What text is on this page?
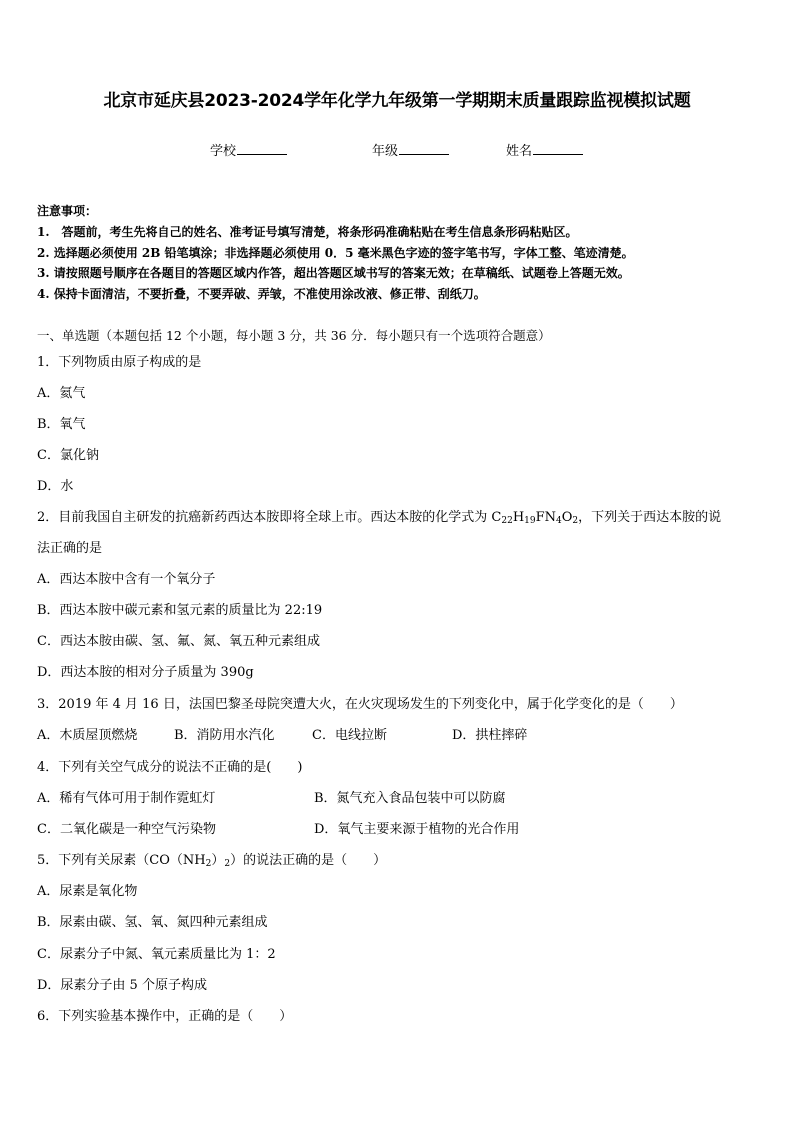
北京市延庆县2023-2024学年化学九年级第一学期期末质量跟踪监视模拟试题
学校	年级	姓名
注意事项：
1.　答题前，考生先将自己的姓名、准考证号填写清楚，将条形码准确粘贴在考生信息条形码粘贴区。
2. 选择题必须使用 2B 铅笔填涂；非选择题必须使用 0．5 毫米黑色字迹的签字笔书写，字体工整、笔迹清楚。
3. 请按照题号顺序在各题目的答题区域内作答，超出答题区域书写的答案无效；在草稿纸、试题卷上答题无效。
4. 保持卡面清洁，不要折叠，不要弄破、弄皱，不准使用涂改液、修正带、刮纸刀。
一、单选题（本题包括 12 个小题，每小题 3 分，共 36 分．每小题只有一个选项符合题意）
1．下列物质由原子构成的是
A．氦气
B．氧气
C．氯化钠
D．水
2．目前我国自主研发的抗癌新药西达本胺即将全球上市。西达本胺的化学式为 $C_{22}H_{19}FN_4O_2$，下列关于西达本胺的说
法正确的是
A．西达本胺中含有一个氧分子
B．西达本胺中碳元素和氢元素的质量比为 22:19
C．西达本胺由碳、氢、氟、氮、氧五种元素组成
D．西达本胺的相对分子质量为 390g
3．2019 年 4 月 16 日，法国巴黎圣母院突遭大火，在火灾现场发生的下列变化中，属于化学变化的是（　　）
A．木质屋顶燃烧	B．消防用水汽化	C．电线拉断	D．拱柱摔碎
4．下列有关空气成分的说法不正确的是(　　)
A．稀有气体可用于制作霓虹灯	B．氮气充入食品包装中可以防腐
C．二氧化碳是一种空气污染物	D．氧气主要来源于植物的光合作用
5．下列有关尿素$(CO(NH_2)_2)$的说法正确的是（　　）
A．尿素是氧化物
B．尿素由碳、氢、氧、氮四种元素组成
C．尿素分子中氮、氧元素质量比为 1：2
D．尿素分子由 5 个原子构成
6．下列实验基本操作中，正确的是（　　）
